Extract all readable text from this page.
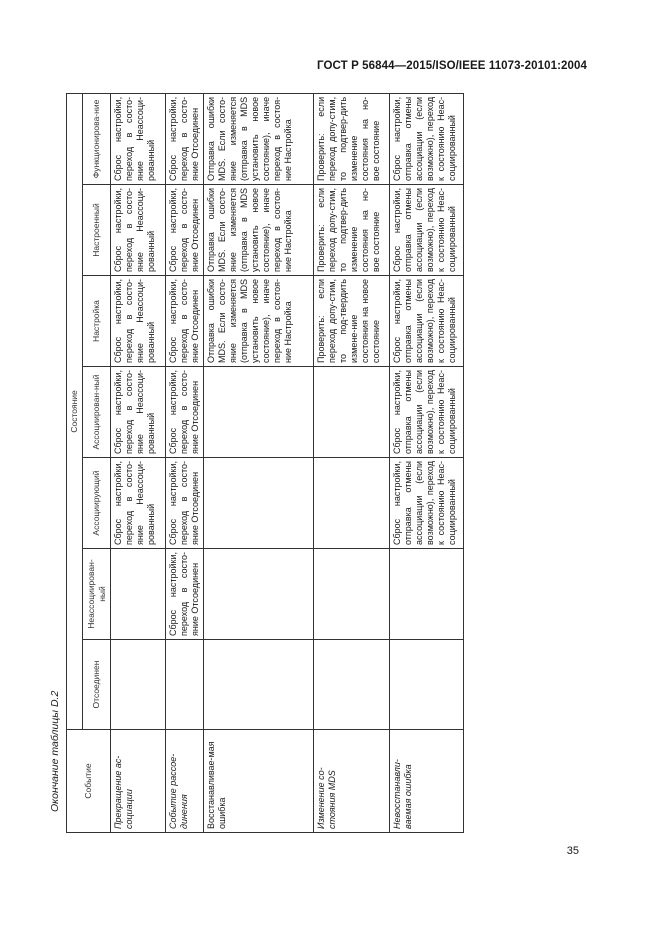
ГОСТ Р 56844—2015/ISO/IEEE 11073-20101:2004
Окончание таблицы D.2	Событие	Состояние						
	Отсоединен	Неассоциирован-ный	Ассоциирующий	Ассоциирован-ный	Настройка	Настроенный	Функционирова-ние
Прекращение ас-социации			Сброс настройки, переход в состо-яние Неассоци-рованный	Сброс настройки, переход в состо-яние Неассоци-рованный	Сброс настройки, переход в состо-яние Неассоци-рованный	Сброс настройки, переход в состо-яние Неассоци-рованный	Сброс настройки, переход в состо-яние Неассоци-рованный
Событие рассое-динения		Сброс настройки, переход в состо-яние Отсоединен	Сброс настройки, переход в состо-яние Отсоединен	Сброс настройки, переход в состо-яние Отсоединен	Сброс настройки, переход в состо-яние Отсоединен	Сброс настройки, переход в состо-яние Отсоединен	Сброс настройки, переход в состо-яние Отсоединен
Восстанавливае-мая ошибка					Отправка ошибки MDS. Если состо-яние изменяется (отправка в MDS установить новое состояние), иначе переход в состоя-ние Настройка	Отправка ошибки MDS. Если состо-яние изменяется (отправка в MDS установить новое состояние), иначе переход в состоя-ние Настройка	Отправка ошибки MDS. Если состо-яние изменяется (отправка в MDS установить новое состояние), иначе переход в состоя-ние Настройка
Изменение со-стояния MDS					Проверить: если переход допу-стим, то под-твердить измене-ние состояния на новое состояние	Проверить: если переход допу-стим, то подтвер-дить изменение состояния на но-вое состояние	Проверить: если переход допу-стим, то подтвер-дить изменение состояния на но-вое состояние
Невосстанавли-ваемая ошибка			Сброс настройки, отправка отмены ассоциации (если возможно), переход к состоянию Неас-социированный	Сброс настройки, отправка отмены ассоциации (если возможно), переход к состоянию Неас-социированный	Сброс настройки, отправка отмены ассоциации (если возможно), переход к состоянию Неас-социированный	Сброс настройки, отправка отмены ассоциации (если возможно), переход к состоянию Неас-социированный	Сброс настройки, отправка отмены ассоциации (если возможно), переход к состоянию Неас-социированный
35
